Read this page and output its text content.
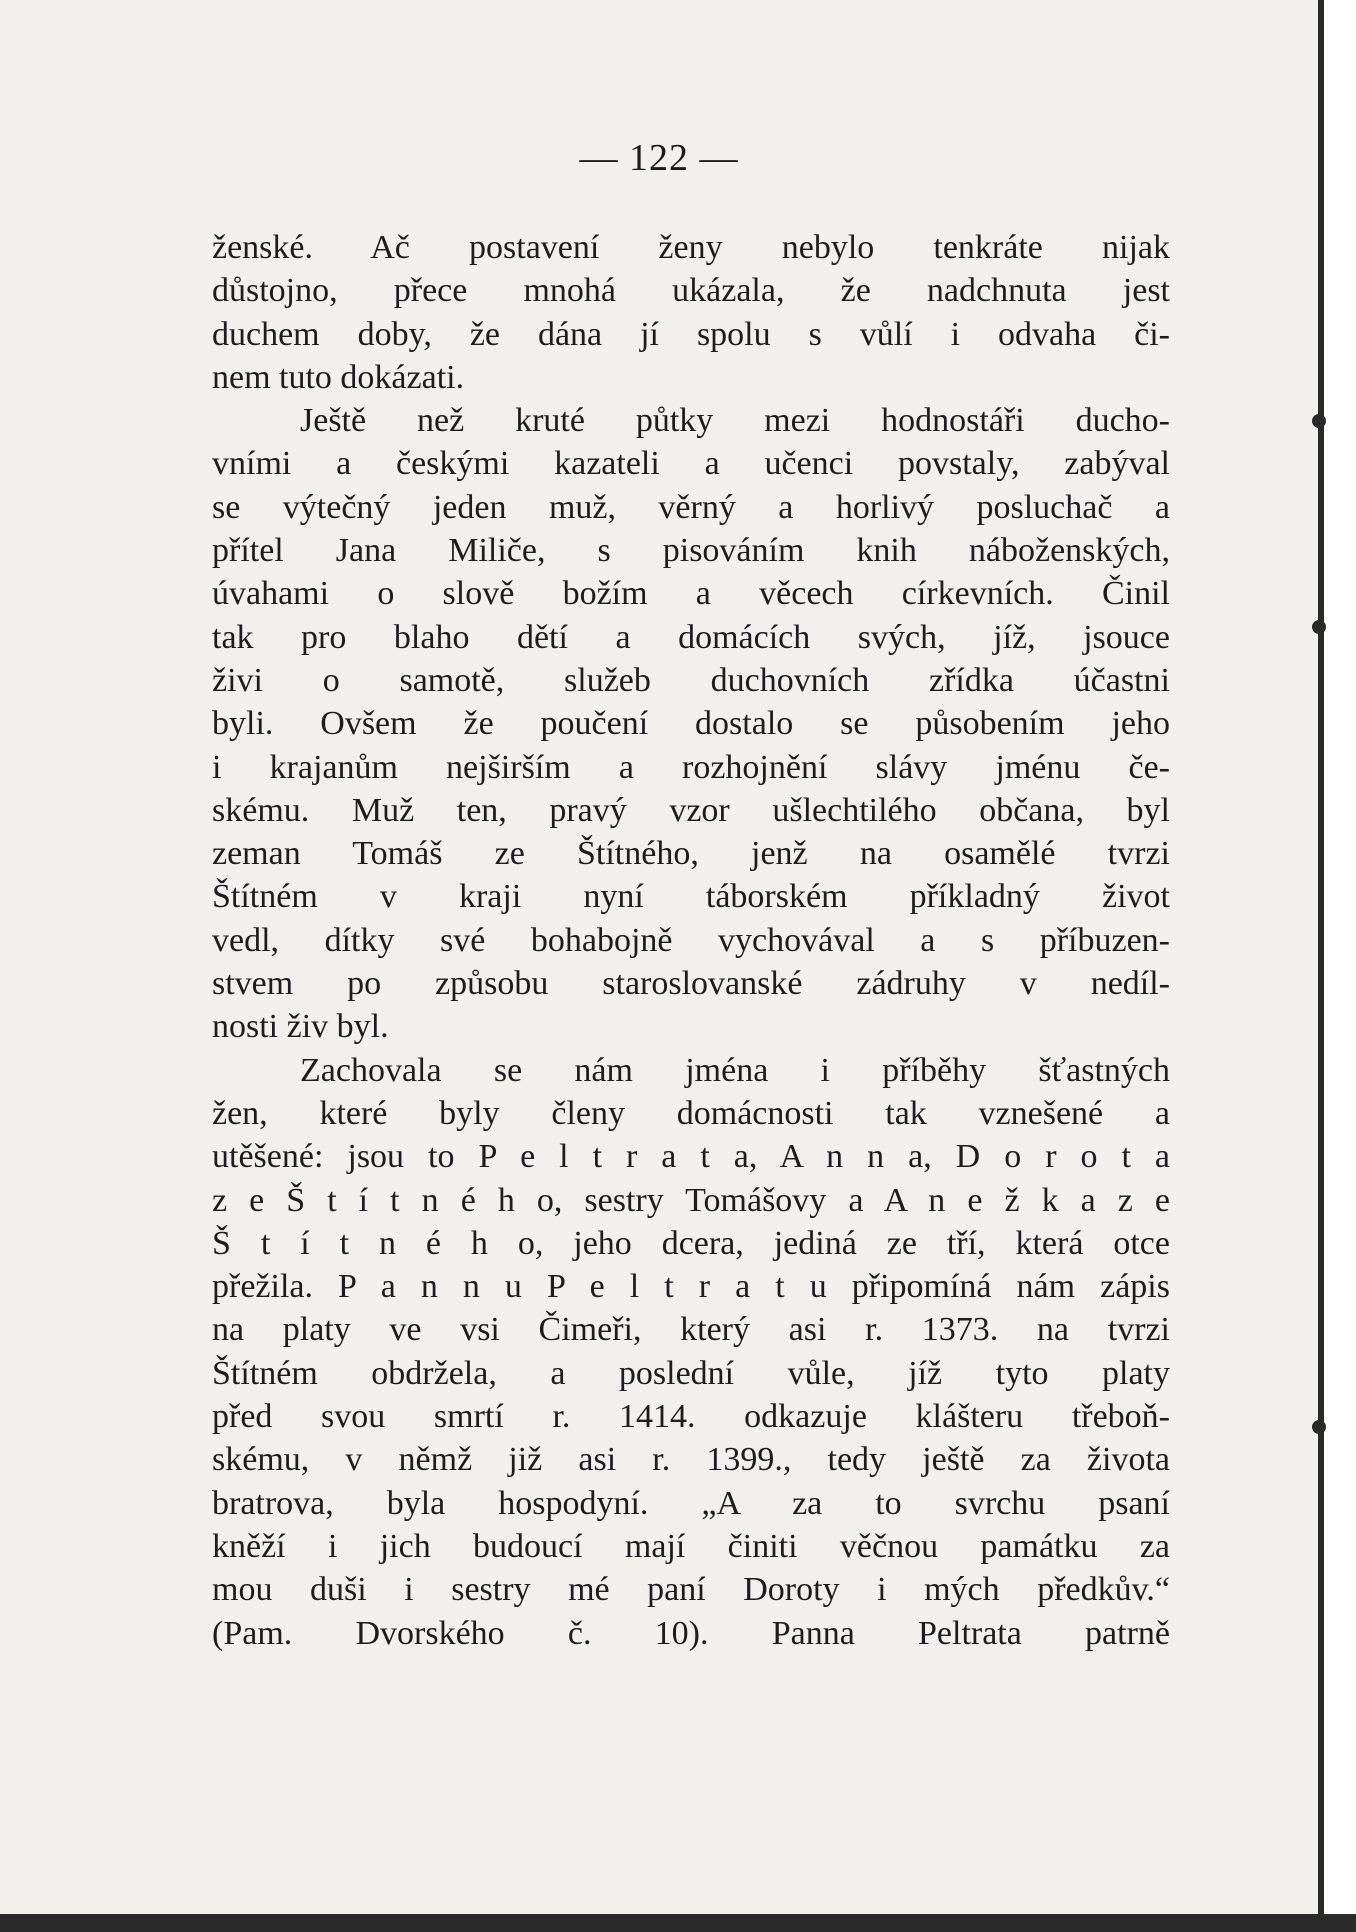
— 122 —
ženské. Ač postavení ženy nebylo tenkráte nijak
důstojno, přece mnohá ukázala, že nadchnuta jest
duchem doby, že dána jí spolu s vůlí i odvaha či-
nem tuto dokázati.
Ještě než kruté půtky mezi hodnostáři ducho-
vními a českými kazateli a učenci povstaly, zabýval
se výtečný jeden muž, věrný a horlivý posluchač a
přítel Jana Miliče, s pisováním knih náboženských,
úvahami o slově božím a věcech církevních. Činil
tak pro blaho dětí a domácích svých, jíž, jsouce
živi o samotě, služeb duchovních zřídka účastni
byli. Ovšem že poučení dostalo se působením jeho
i krajanům nejširším a rozhojnění slávy jménu če-
skému. Muž ten, pravý vzor ušlechtilého občana, byl
zeman Tomáš ze Štítného, jenž na osamělé tvrzi
Štítném v kraji nyní táborském příkladný život
vedl, dítky své bohabojně vychovával a s příbuzen-
stvem po způsobu staroslovanské zádruhy v nedíl-
nosti živ byl.
Zachovala se nám jména i příběhy šťastných
žen, které byly členy domácnosti tak vznešené a
utěšené: jsou to P e l t r a t a, A n n a, D o r o t a
z e Š t í t n é h o, sestry Tomášovy a A n e ž k a z e
Š t í t n é h o, jeho dcera, jediná ze tří, která otce
přežila. P a n n u P e l t r a t u připomíná nám zápis
na platy ve vsi Čimeři, který asi r. 1373. na tvrzi
Štítném obdržela, a poslední vůle, jíž tyto platy
před svou smrtí r. 1414. odkazuje klášteru třeboň-
skému, v němž již asi r. 1399., tedy ještě za života
bratrova, byla hospodyní. „A za to svrchu psaní
kněží i jich budoucí mají činiti věčnou památku za
mou duši i sestry mé paní Doroty i mých předkův.“
(Pam. Dvorského č. 10). Panna Peltrata patrně
